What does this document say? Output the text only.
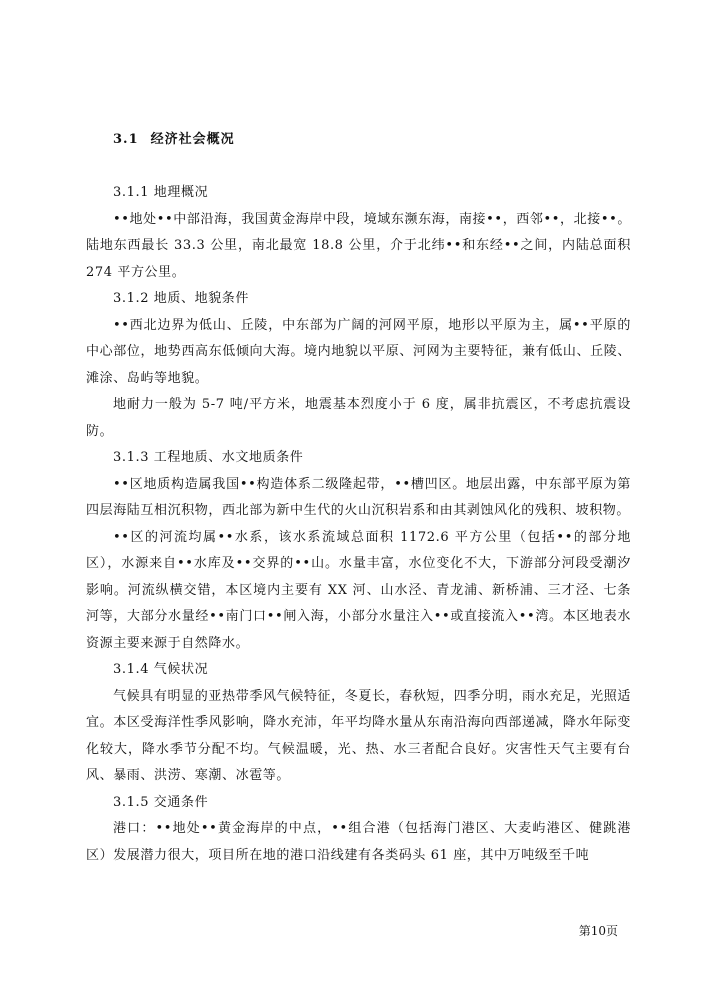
3.1 经济社会概况

3.1.1 地理概况

••地处••中部沿海，我国黄金海岸中段，境域东濒东海，南接••，西邻••，北接••。陆地东西最长 33.3 公里，南北最宽 18.8 公里，介于北纬••和东经••之间，内陆总面积 274 平方公里。

3.1.2 地质、地貌条件

••西北边界为低山、丘陵，中东部为广阔的河网平原，地形以平原为主，属••平原的中心部位，地势西高东低倾向大海。境内地貌以平原、河网为主要特征，兼有低山、丘陵、滩涂、岛屿等地貌。

地耐力一般为 5-7 吨/平方米，地震基本烈度小于 6 度，属非抗震区，不考虑抗震设防。

3.1.3 工程地质、水文地质条件

••区地质构造属我国••构造体系二级隆起带，••槽凹区。地层出露，中东部平原为第四层海陆互相沉积物，西北部为新中生代的火山沉积岩系和由其剥蚀风化的残积、坡积物。

••区的河流均属••水系，该水系流域总面积 1172.6 平方公里（包括••的部分地区），水源来自••水库及••交界的••山。水量丰富，水位变化不大，下游部分河段受潮汐影响。河流纵横交错，本区境内主要有 XX 河、山水泾、青龙浦、新桥浦、三才泾、七条河等，大部分水量经••南门口••闸入海，小部分水量注入••或直接流入••湾。本区地表水资源主要来源于自然降水。

3.1.4 气候状况

气候具有明显的亚热带季风气候特征，冬夏长，春秋短，四季分明，雨水充足，光照适宜。本区受海洋性季风影响，降水充沛，年平均降水量从东南沿海向西部递减，降水年际变化较大，降水季节分配不均。气候温暖，光、热、水三者配合良好。灾害性天气主要有台风、暴雨、洪涝、寒潮、冰雹等。

3.1.5 交通条件

港口：••地处••黄金海岸的中点，••组合港（包括海门港区、大麦屿港区、健跳港区）发展潜力很大，项目所在地的港口沿线建有各类码头 61 座，其中万吨级至千吨

第10页
